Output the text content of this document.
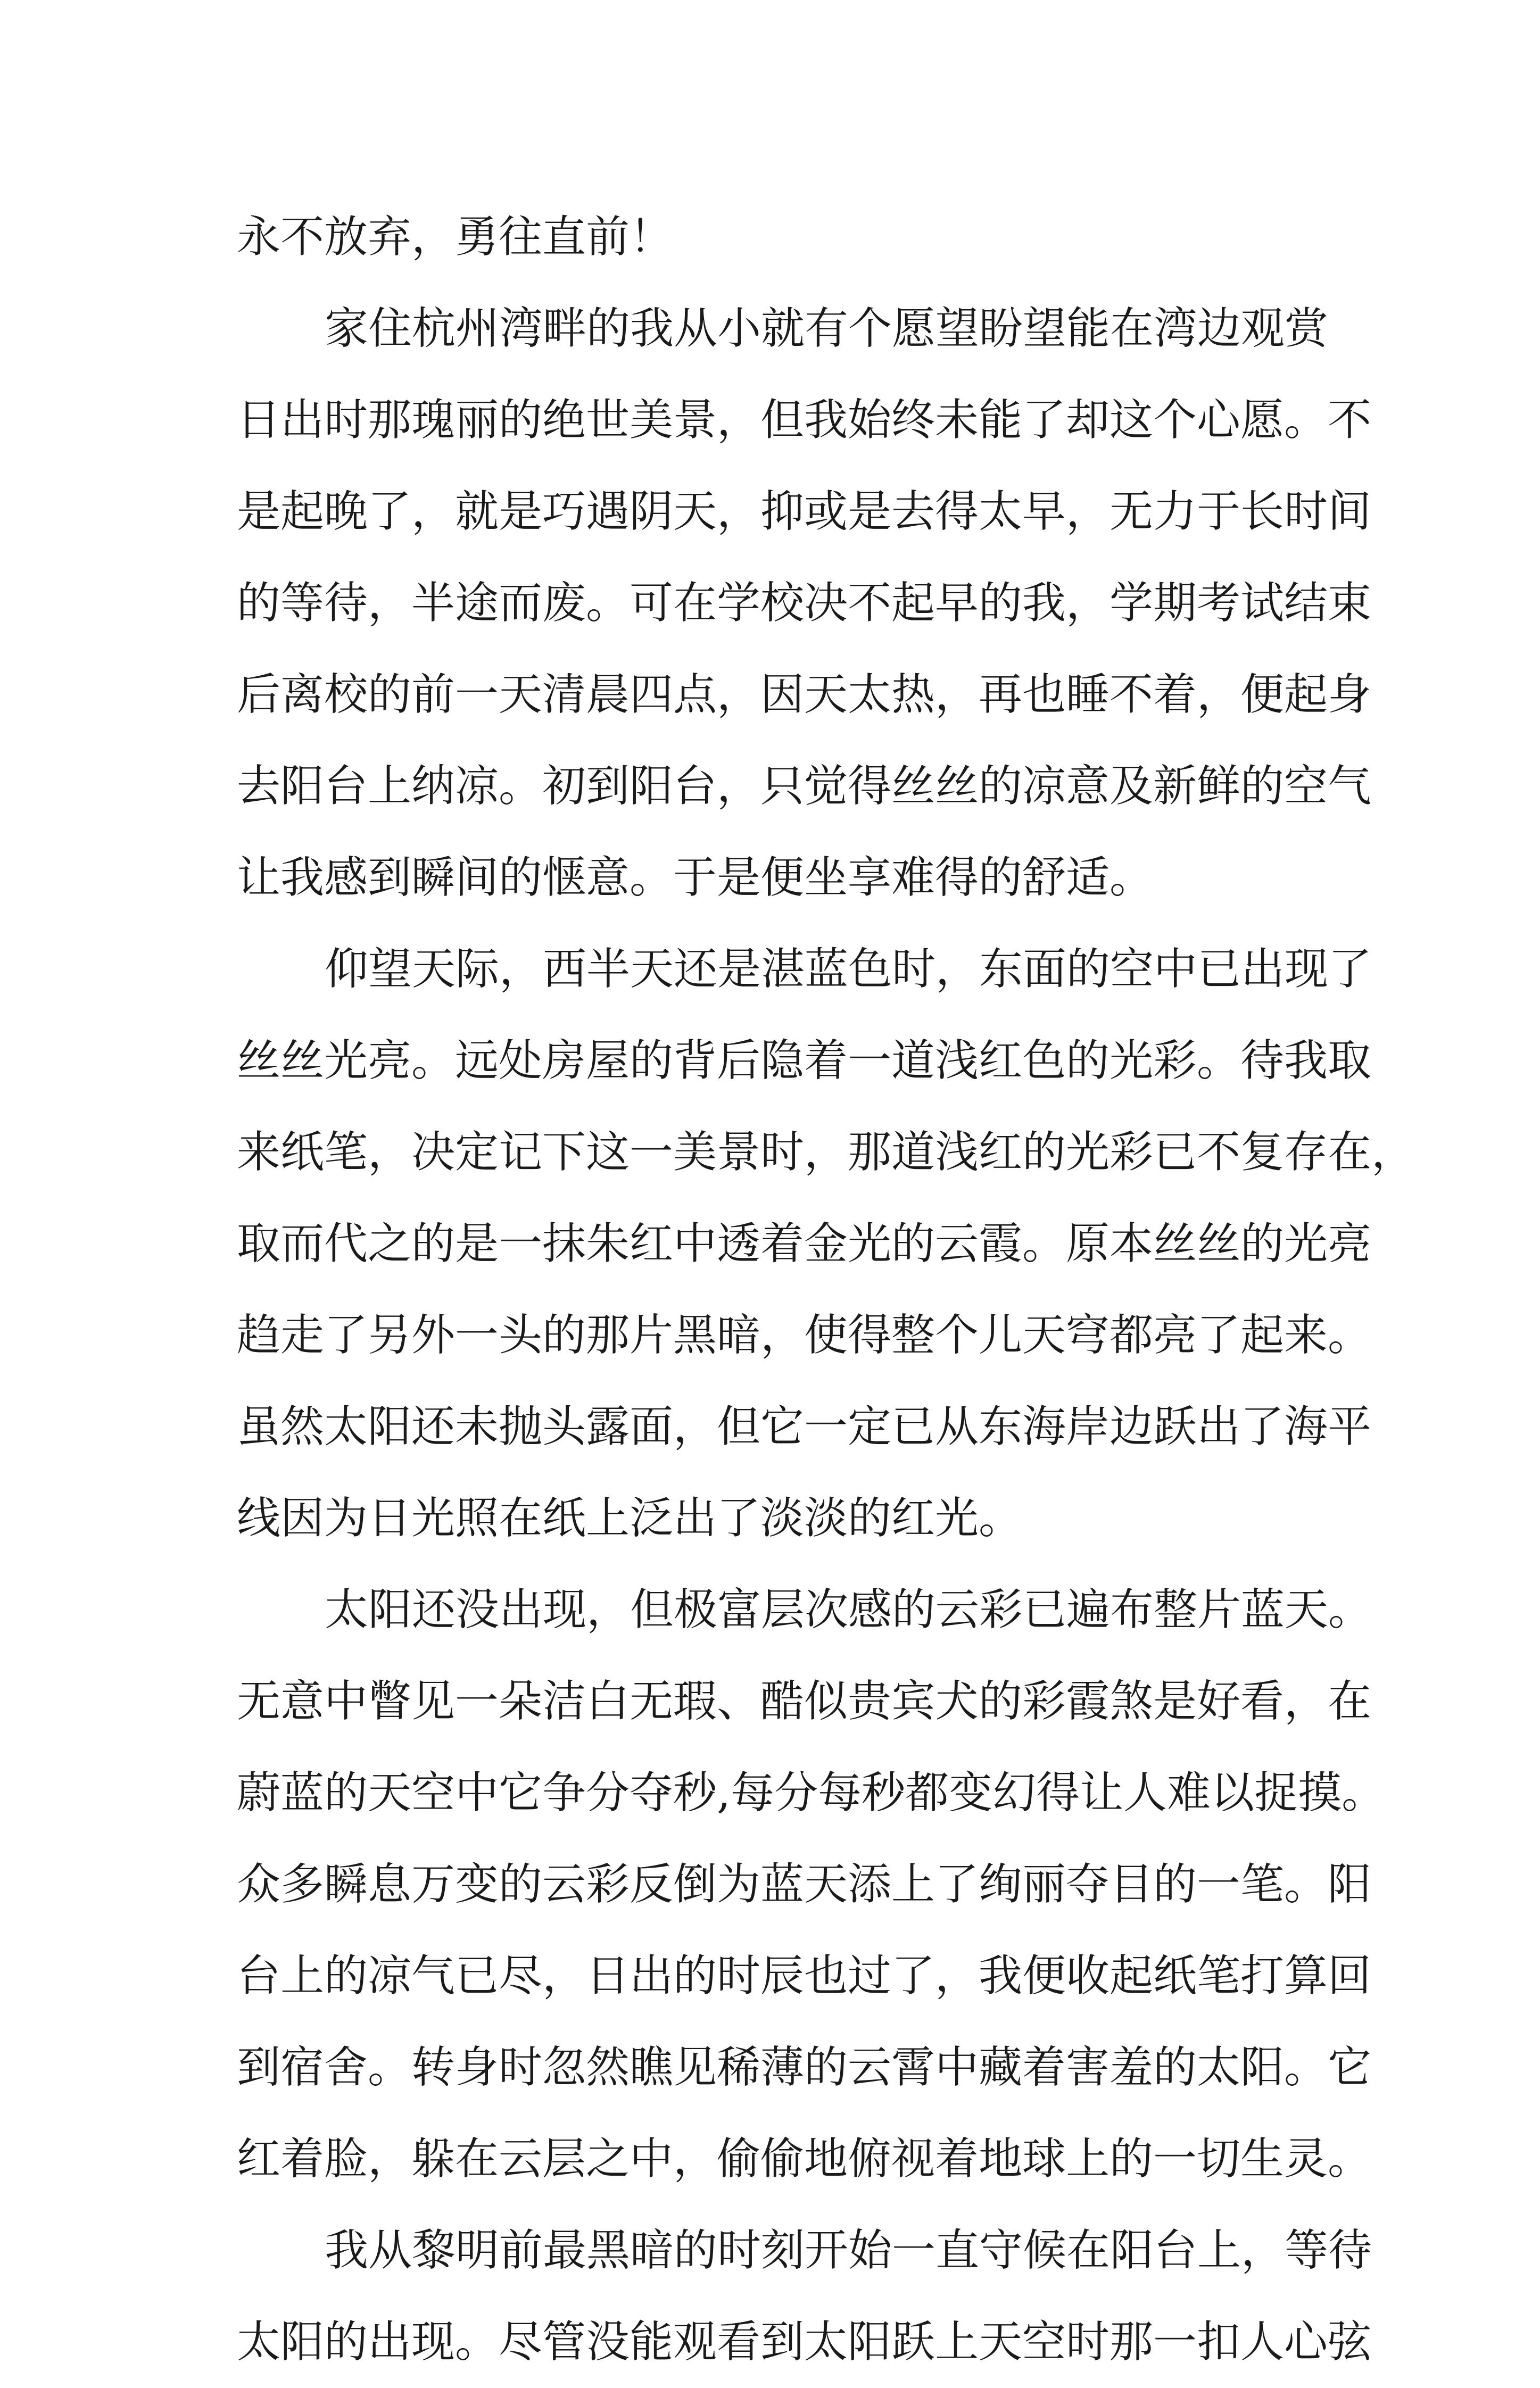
永不放弃，勇往直前！
家住杭州湾畔的我从小就有个愿望盼望能在湾边观赏
日出时那瑰丽的绝世美景，但我始终未能了却这个心愿。不
是起晚了，就是巧遇阴天，抑或是去得太早，无力于长时间
的等待，半途而废。可在学校决不起早的我，学期考试结束
后离校的前一天清晨四点，因天太热，再也睡不着，便起身
去阳台上纳凉。初到阳台，只觉得丝丝的凉意及新鲜的空气
让我感到瞬间的惬意。于是便坐享难得的舒适。
仰望天际，西半天还是湛蓝色时，东面的空中已出现了
丝丝光亮。远处房屋的背后隐着一道浅红色的光彩。待我取
来纸笔，决定记下这一美景时，那道浅红的光彩已不复存在，
取而代之的是一抹朱红中透着金光的云霞。原本丝丝的光亮
趋走了另外一头的那片黑暗，使得整个儿天穹都亮了起来。
虽然太阳还未抛头露面，但它一定已从东海岸边跃出了海平
线因为日光照在纸上泛出了淡淡的红光。
太阳还没出现，但极富层次感的云彩已遍布整片蓝天。
无意中瞥见一朵洁白无瑕、酷似贵宾犬的彩霞煞是好看，在
蔚蓝的天空中它争分夺秒,每分每秒都变幻得让人难以捉摸。
众多瞬息万变的云彩反倒为蓝天添上了绚丽夺目的一笔。阳
台上的凉气已尽，日出的时辰也过了，我便收起纸笔打算回
到宿舍。转身时忽然瞧见稀薄的云霄中藏着害羞的太阳。它
红着脸，躲在云层之中，偷偷地俯视着地球上的一切生灵。
我从黎明前最黑暗的时刻开始一直守候在阳台上，等待
太阳的出现。尽管没能观看到太阳跃上天空时那一扣人心弦
